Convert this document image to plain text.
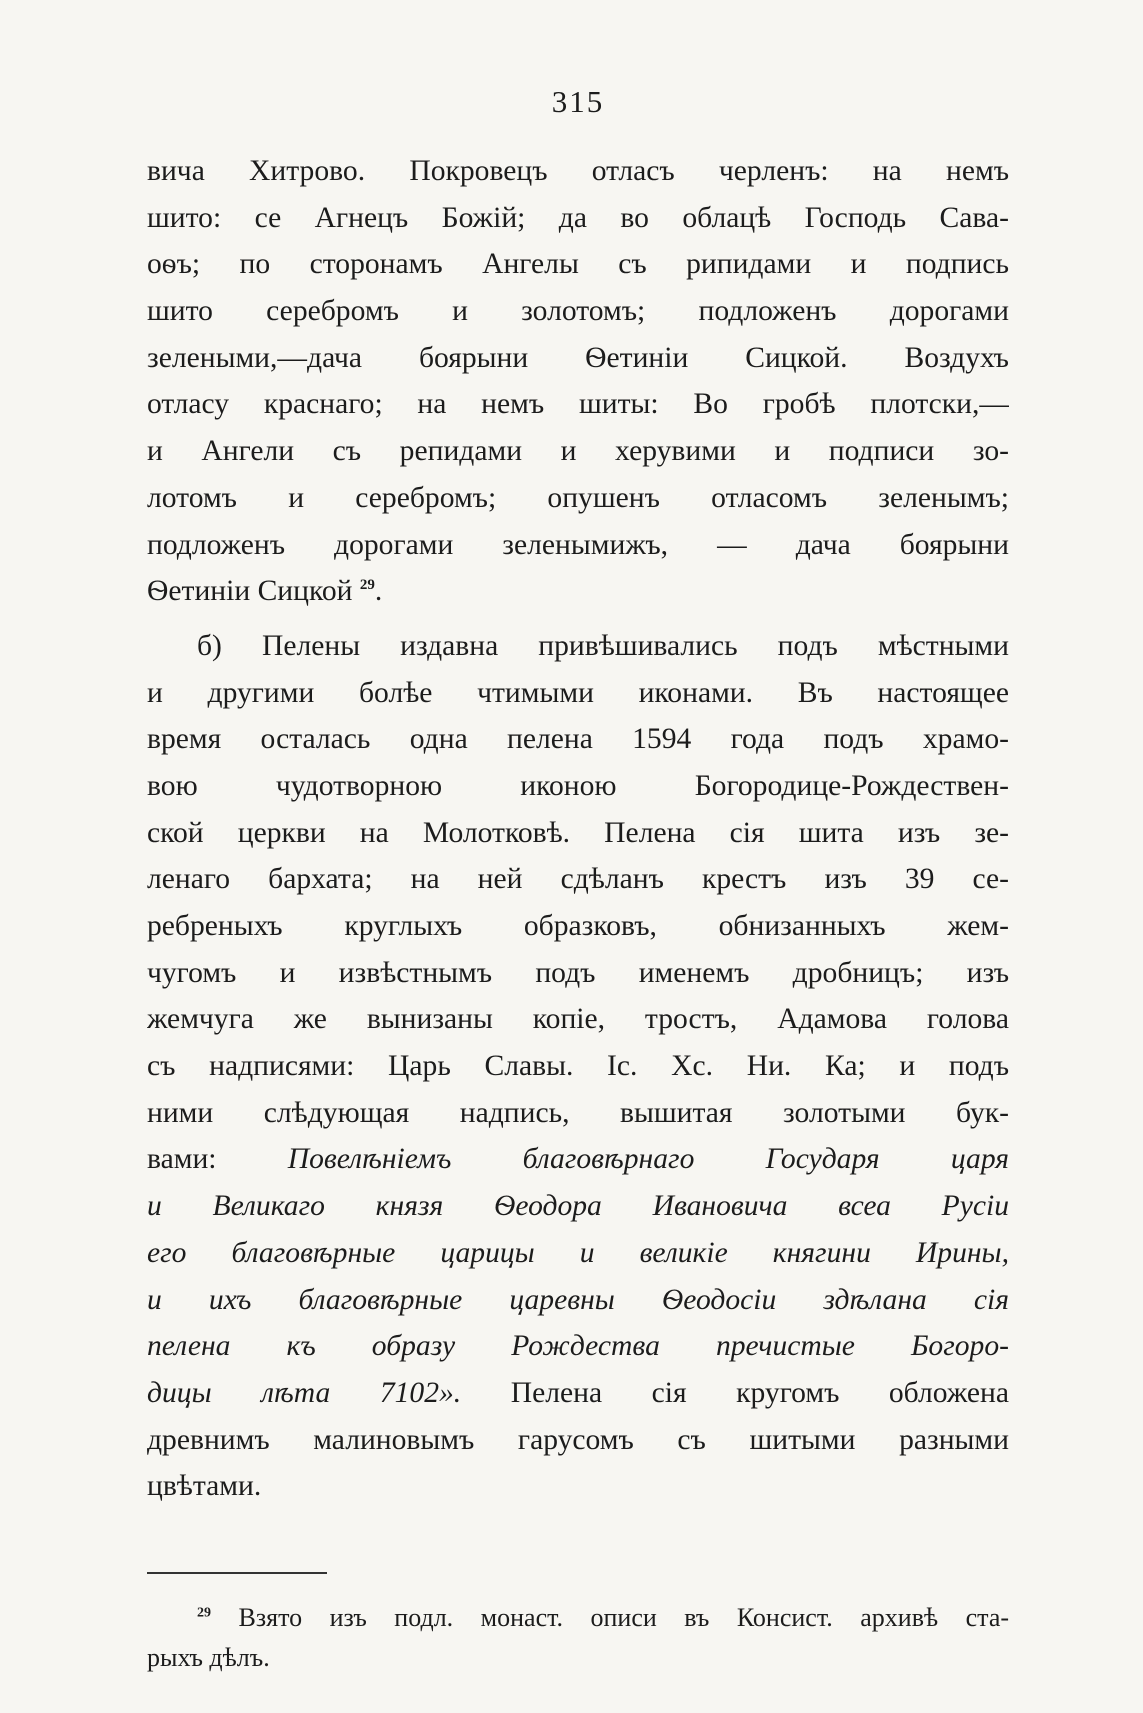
315
вича Хитрово. Покровецъ отласъ черленъ: на немъ
шито: се Агнецъ Божій; да во облацѣ Господь Сава-
оѳъ; по сторонамъ Ангелы съ рипидами и подпись
шито серебромъ и золотомъ; подложенъ дорогами
зелеными,—дача боярыни Ѳетиніи Сицкой. Воздухъ
отласу краснаго; на немъ шиты: Во гробѣ плотски,—
и Ангели съ репидами и херувими и подписи зо-
лотомъ и серебромъ; опушенъ отласомъ зеленымъ;
подложенъ дорогами зеленымижъ, — дача боярыни
Ѳетиніи Сицкой $^{29}$.
б) Пелены издавна привѣшивались подъ мѣстными
и другими болѣе чтимыми иконами. Въ настоящее
время осталась одна пелена 1594 года подъ храмо-
вою чудотворною иконою Богородице-Рождествен-
ской церкви на Молотковѣ. Пелена сія шита изъ зе-
ленаго бархата; на ней сдѣланъ крестъ изъ 39 се-
ребреныхъ круглыхъ образковъ, обнизанныхъ жем-
чугомъ и извѣстнымъ подъ именемъ дробницъ; изъ
жемчуга же вынизаны копіе, тростъ, Адамова голова
съ надписями: Царь Славы. Іс. Хс. Ни. Ка; и подъ
ними слѣдующая надпись, вышитая золотыми бук-
вами: Повелѣніемъ благовѣрнаго Государя царя
и Великаго князя Ѳеодора Ивановича всеа Русіи
его благовѣрные царицы и великіе княгини Ирины,
и ихъ благовѣрные царевны Ѳеодосіи здѣлана сія
пелена къ образу Рождества пречистые Богоро-
дицы лѣта 7102». Пелена сія кругомъ обложена
древнимъ малиновымъ гарусомъ съ шитыми разными
цвѣтами.
$^{29}$ Взято изъ подл. монаст. описи въ Консист. архивѣ ста-
рыхъ дѣлъ.
